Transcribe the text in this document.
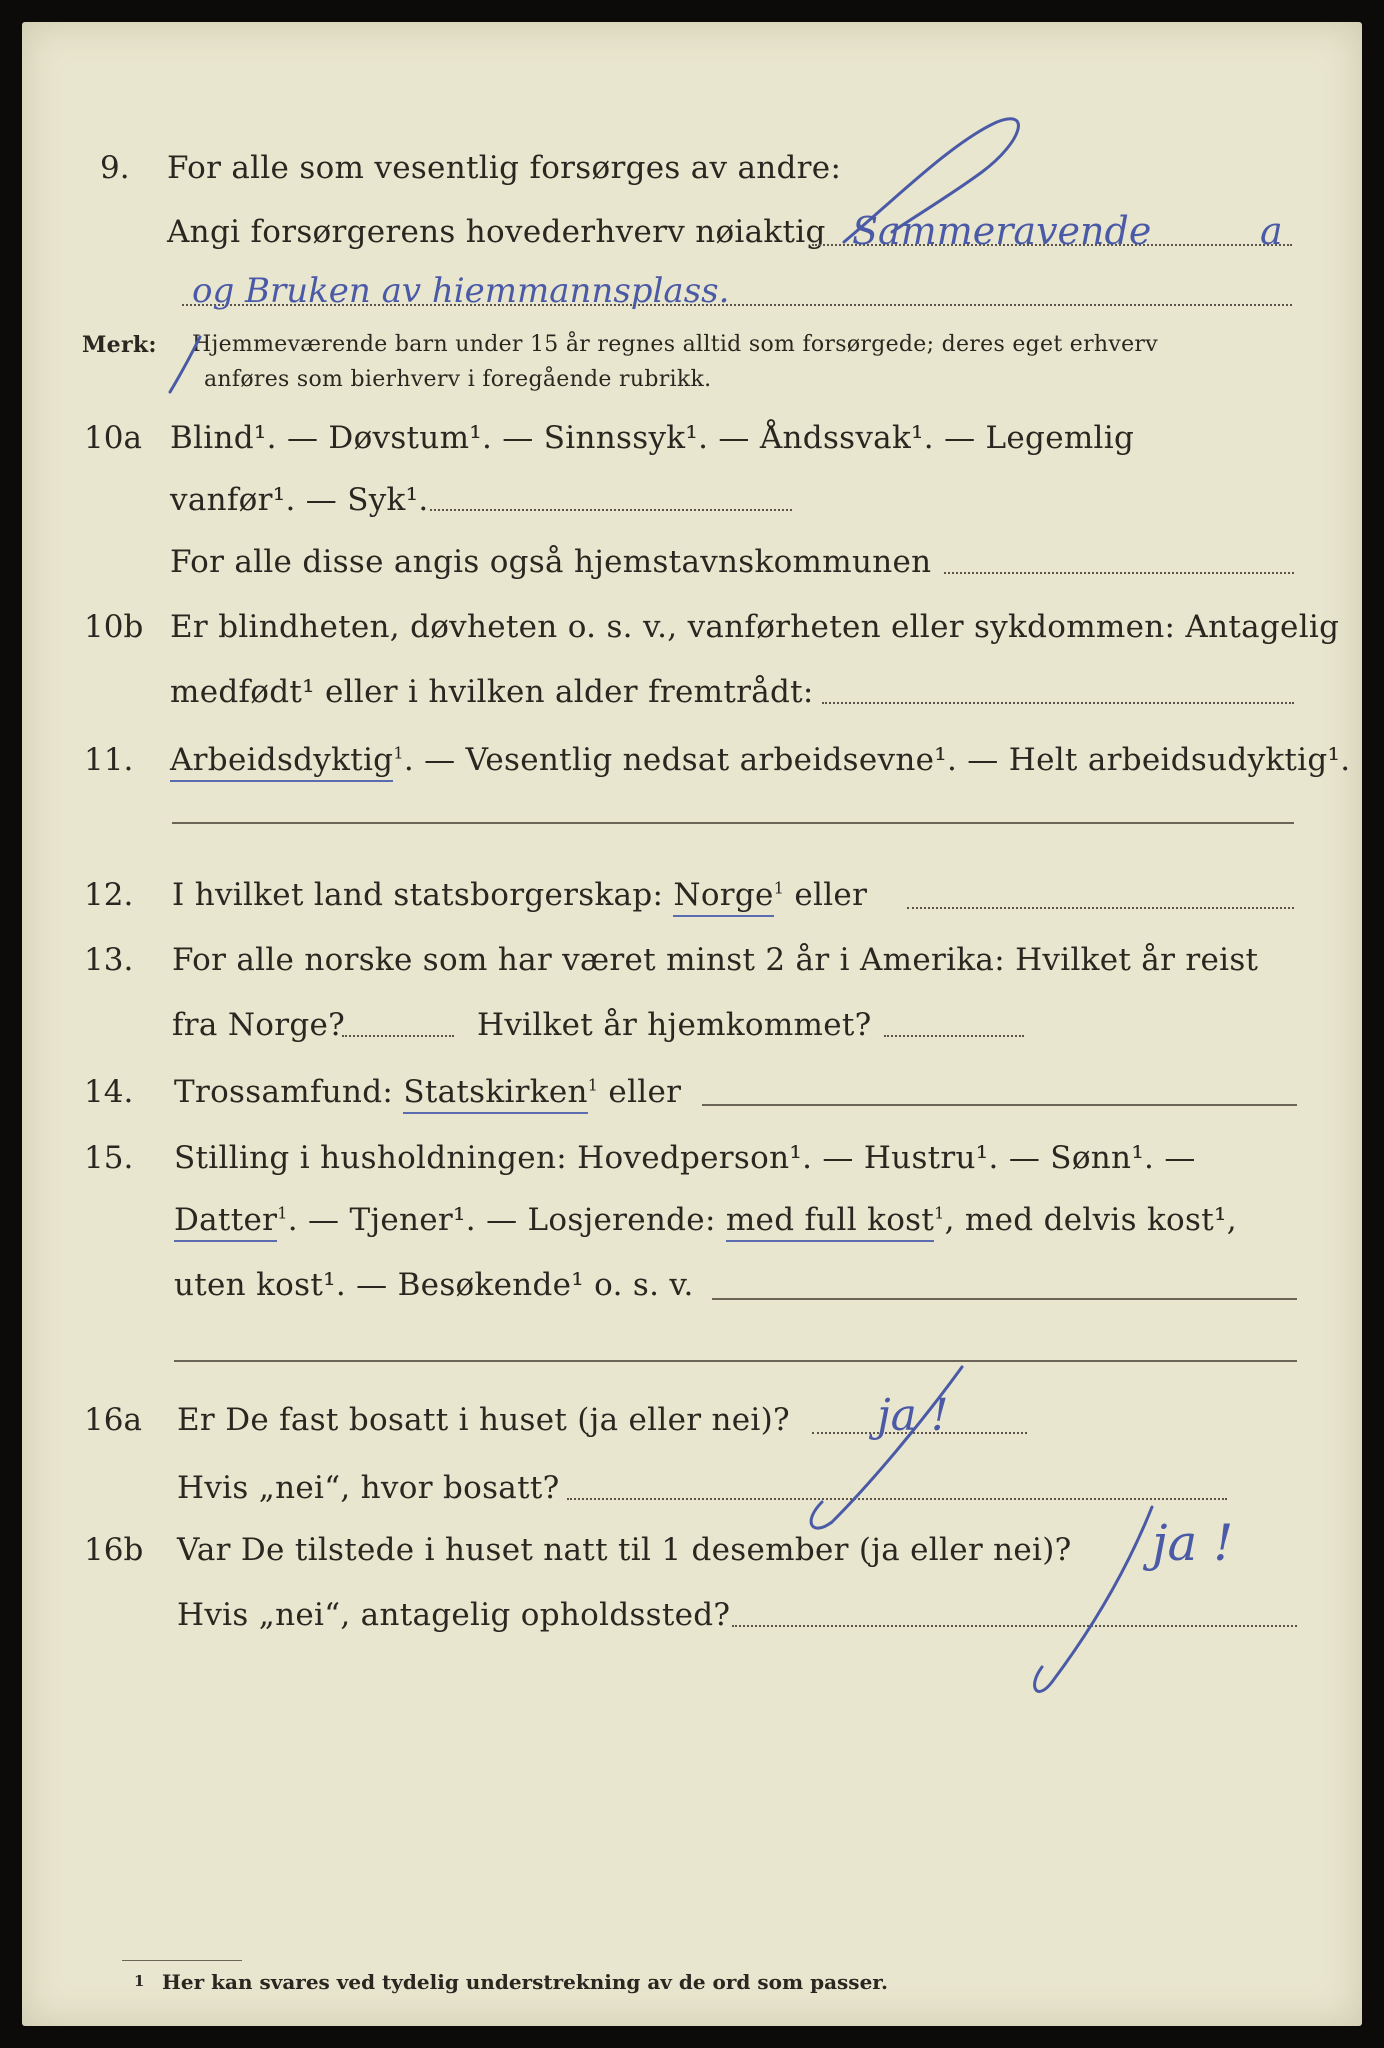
9. For alle som vesentlig forsørges av andre:
Angi forsørgerens hovederhverv nøiaktig
Merk: Hjemmeværende barn under 15 år regnes alltid som forsørgede; deres eget erhverv
anføres som bierhverv i foregående rubrikk.
10a Blind¹. — Døvstum¹. — Sinnssyk¹. — Åndssvak¹. — Legemlig
vanfør¹. — Syk¹.
For alle disse angis også hjemstavnskommunen
10b Er blindheten, døvheten o. s. v., vanførheten eller sykdommen: Antagelig
medfødt¹ eller i hvilken alder fremtrådt:
11. Arbeidsdyktig$^1$. — Vesentlig nedsat arbeidsevne¹. — Helt arbeidsudyktig¹.
12. I hvilket land statsborgerskap: Norge$^1$ eller
13. For alle norske som har været minst 2 år i Amerika: Hvilket år reist
fra Norge?	Hvilket år hjemkommet?
14. Trossamfund: Statskirken$^1$ eller
15. Stilling i husholdningen: Hovedperson¹. — Hustru¹. — Sønn¹. —
Datter$^1$. — Tjener¹. — Losjerende: med full kost$^1$, med delvis kost¹,
uten kost¹. — Besøkende¹ o. s. v.
16a Er De fast bosatt i huset (ja eller nei)?
Hvis „nei“, hvor bosatt?
16b Var De tilstede i huset natt til 1 desember (ja eller nei)?
Hvis „nei“, antagelig opholdssted?
1 Her kan svares ved tydelig understrekning av de ord som passer.
Sammeravende	a
og Bruken av hiemmannsplass.
ja !
ja !
